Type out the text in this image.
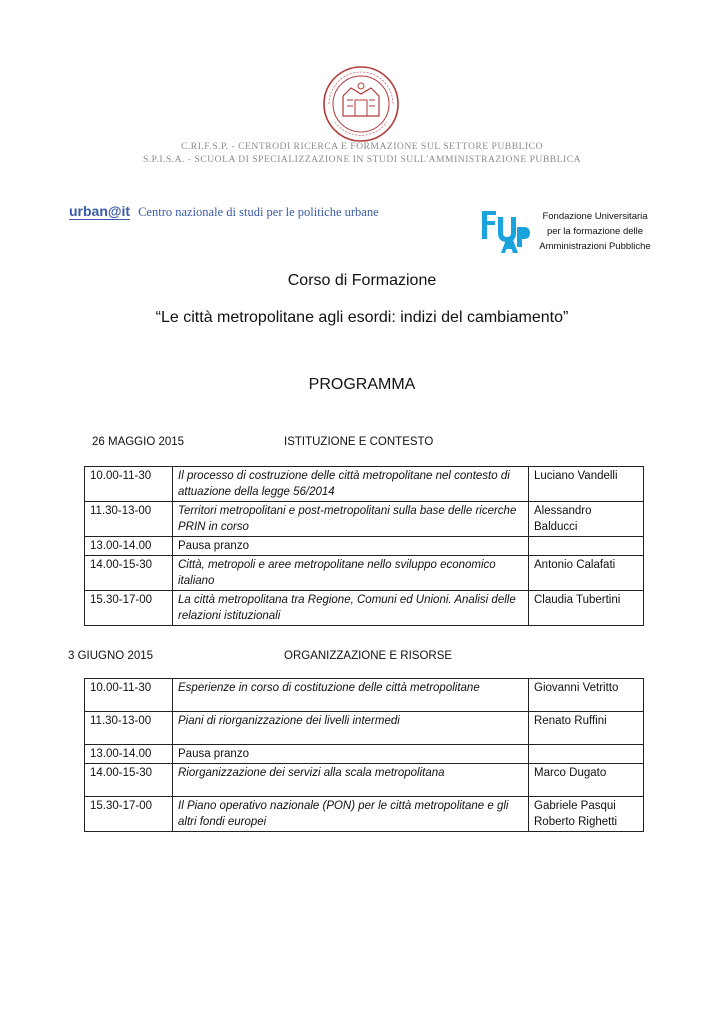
C.RI.F.S.P. - CENTRODI RICERCA E FORMAZIONE SUL SETTORE PUBBLICO
S.P.I.S.A. - SCUOLA DI SPECIALIZZAZIONE IN STUDI SULL'AMMINISTRAZIONE PUBBLICA
urban@it Centro nazionale di studi per le politiche urbane	Fondazione Universitaria
per la formazione delle
Amministrazioni Pubbliche
Corso di Formazione
“Le città metropolitane agli esordi: indizi del cambiamento”
PROGRAMMA
26 MAGGIO 2015	ISTITUZIONE E CONTESTO
10.00-11-30	Il processo di costruzione delle città metropolitane nel contesto di attuazione della legge 56/2014	Luciano Vandelli
11.30-13-00	Territori metropolitani e post-metropolitani sulla base delle ricerche PRIN in corso	Alessandro Balducci
13.00-14.00	Pausa pranzo	
14.00-15-30	Città, metropoli e aree metropolitane nello sviluppo economico italiano	Antonio Calafati
15.30-17-00	La città metropolitana tra Regione, Comuni ed Unioni. Analisi delle relazioni istituzionali	Claudia Tubertini
3 GIUGNO 2015	ORGANIZZAZIONE E RISORSE
10.00-11-30	Esperienze in corso di costituzione delle città metropolitane	Giovanni Vetritto
11.30-13-00	Piani di riorganizzazione dei livelli intermedi	Renato Ruffini
13.00-14.00	Pausa pranzo	
14.00-15-30	Riorganizzazione dei servizi alla scala metropolitana	Marco Dugato
15.30-17-00	Il Piano operativo nazionale (PON) per le città metropolitane e gli altri fondi europei	Gabriele Pasqui
Roberto Righetti
